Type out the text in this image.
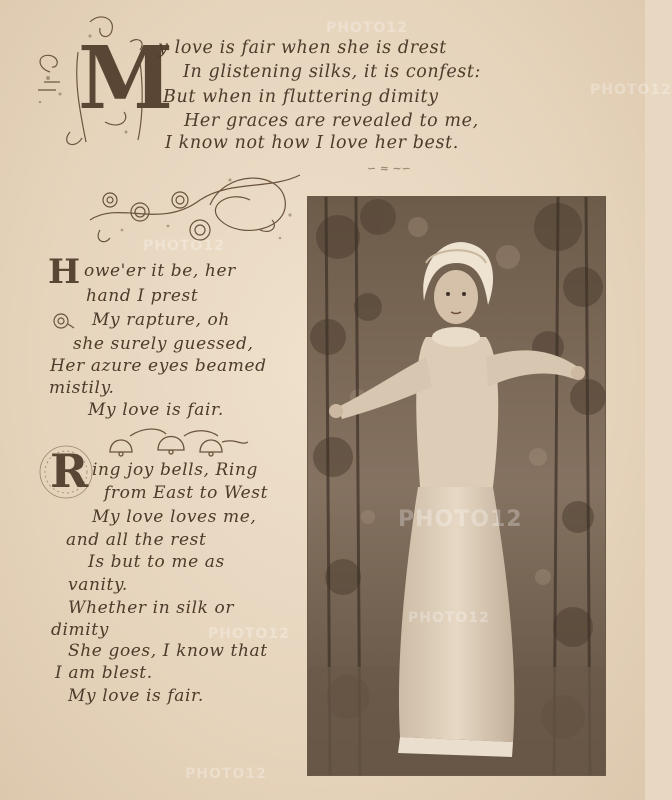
M
y love is fair when she is drest
In glistening silks, it is confest:
But when in fluttering dimity
Her graces are revealed to me,
I know not how I love her best.
∽ ≈ ∼∽
H owe'er it be, her
hand I prest
My rapture, oh
she surely guessed,
Her azure eyes beamed
mistily.
My love is fair.
R ing joy bells, Ring
from East to West
My love loves me,
and all the rest
Is but to me as
vanity.
Whether in silk or
dimity
She goes, I know that
I am blest.
My love is fair.
PHOTO12
PHOTO12
PHOTO12
PHOTO12
PHOTO12
PHOTO12
PHOTO12
